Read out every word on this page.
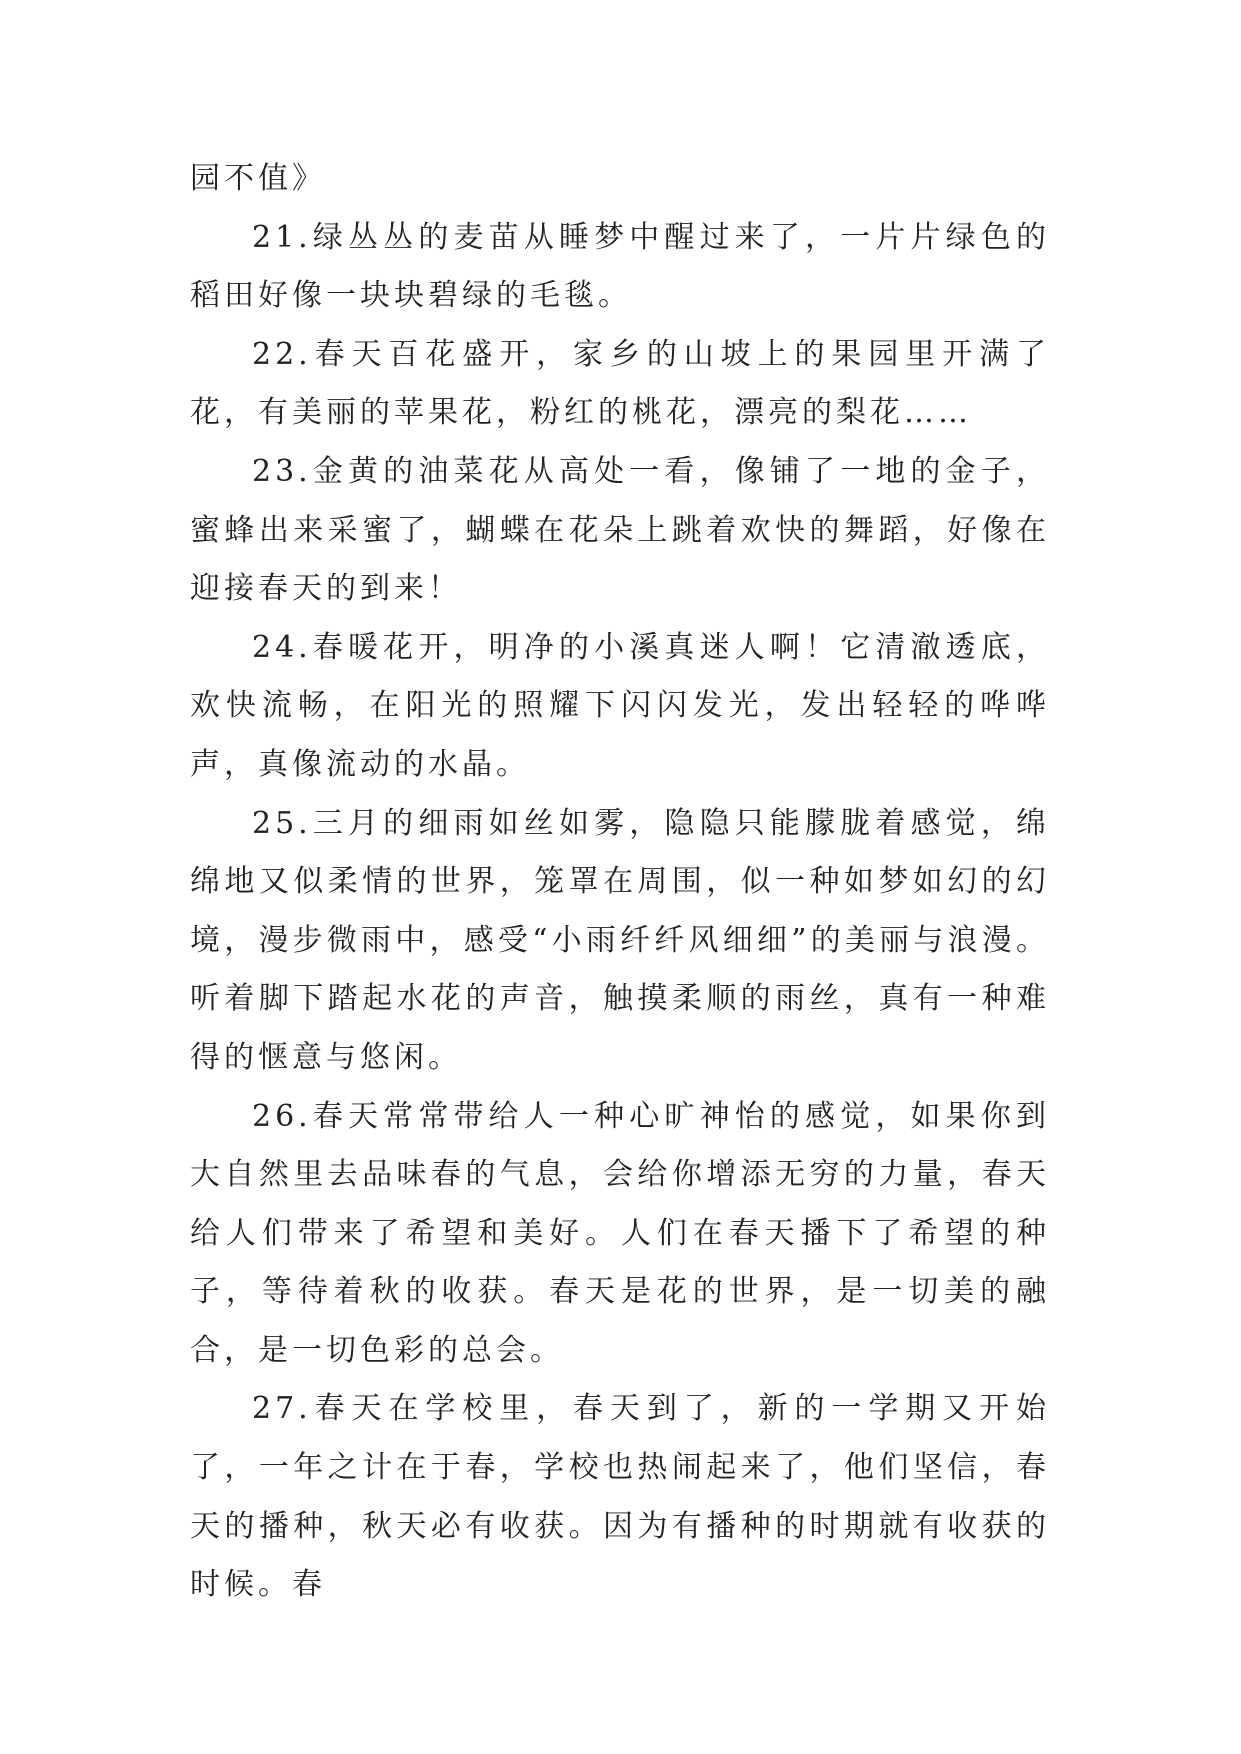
园不值》

21.绿丛丛的麦苗从睡梦中醒过来了，一片片绿色的稻田好像一块块碧绿的毛毯。

22.春天百花盛开，家乡的山坡上的果园里开满了花，有美丽的苹果花，粉红的桃花，漂亮的梨花……

23.金黄的油菜花从高处一看，像铺了一地的金子，蜜蜂出来采蜜了，蝴蝶在花朵上跳着欢快的舞蹈，好像在迎接春天的到来！

24.春暖花开，明净的小溪真迷人啊！它清澈透底，欢快流畅，在阳光的照耀下闪闪发光，发出轻轻的哗哗声，真像流动的水晶。

25.三月的细雨如丝如雾，隐隐只能朦胧着感觉，绵绵地又似柔情的世界，笼罩在周围，似一种如梦如幻的幻境，漫步微雨中，感受“小雨纤纤风细细”的美丽与浪漫。听着脚下踏起水花的声音，触摸柔顺的雨丝，真有一种难得的惬意与悠闲。

26.春天常常带给人一种心旷神怡的感觉，如果你到大自然里去品味春的气息，会给你增添无穷的力量，春天给人们带来了希望和美好。人们在春天播下了希望的种子，等待着秋的收获。春天是花的世界，是一切美的融合，是一切色彩的总会。

27.春天在学校里，春天到了，新的一学期又开始了，一年之计在于春，学校也热闹起来了，他们坚信，春天的播种，秋天必有收获。因为有播种的时期就有收获的时候。春
